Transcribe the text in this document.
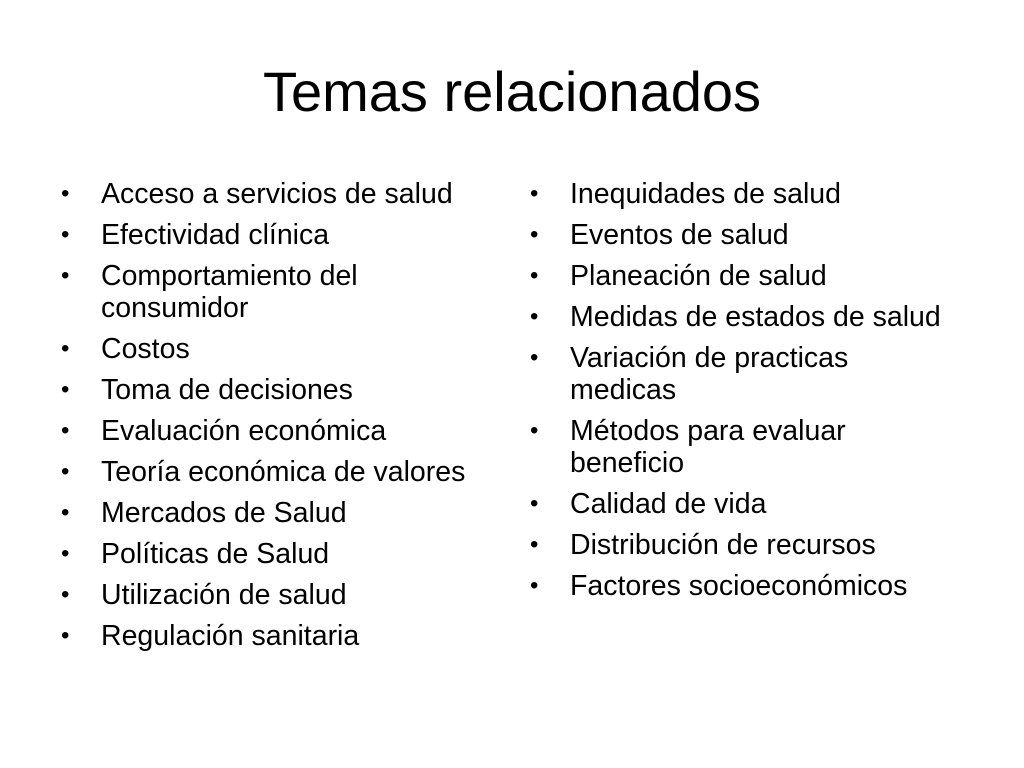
Temas relacionados
•	Acceso a servicios de salud
•	Efectividad clínica
•	Comportamiento del consumidor
•	Costos
•	Toma de decisiones
•	Evaluación económica
•	Teoría económica de valores
•	Mercados de Salud
•	Políticas de Salud
•	Utilización de salud
•	Regulación sanitaria
•	Inequidades de salud
•	Eventos de salud
•	Planeación de salud
•	Medidas de estados de salud
•	Variación de practicas medicas
•	Métodos para evaluar beneficio
•	Calidad de vida
•	Distribución de recursos
•	Factores socioeconómicos
